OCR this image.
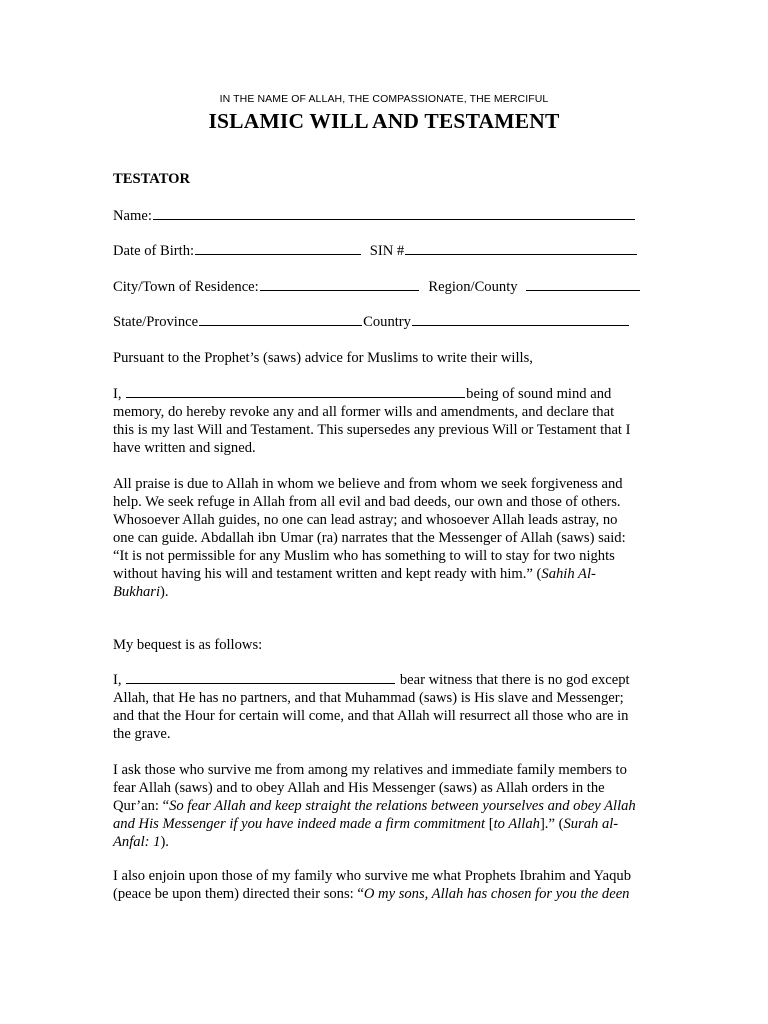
IN THE NAME OF ALLAH, THE COMPASSIONATE, THE MERCIFUL
ISLAMIC WILL AND TESTAMENT
TESTATOR
Name:
Date of Birth:	SIN #
City/Town of Residence:	Region/County
State/Province	Country
Pursuant to the Prophet’s (saws) advice for Muslims to write their wills,
I,	being of sound mind and
memory, do hereby revoke any and all former wills and amendments, and declare that
this is my last Will and Testament. This supersedes any previous Will or Testament that I
have written and signed.
All praise is due to Allah in whom we believe and from whom we seek forgiveness and
help. We seek refuge in Allah from all evil and bad deeds, our own and those of others.
Whosoever Allah guides, no one can lead astray; and whosoever Allah leads astray, no
one can guide. Abdallah ibn Umar (ra) narrates that the Messenger of Allah (saws) said:
“It is not permissible for any Muslim who has something to will to stay for two nights
without having his will and testament written and kept ready with him.” (Sahih Al-
Bukhari).
My bequest is as follows:
I,	bear witness that there is no god except
Allah, that He has no partners, and that Muhammad (saws) is His slave and Messenger;
and that the Hour for certain will come, and that Allah will resurrect all those who are in
the grave.
I ask those who survive me from among my relatives and immediate family members to
fear Allah (saws) and to obey Allah and His Messenger (saws) as Allah orders in the
Qur’an: “So fear Allah and keep straight the relations between yourselves and obey Allah
and His Messenger if you have indeed made a firm commitment [to Allah].” (Surah al-
Anfal: 1).
I also enjoin upon those of my family who survive me what Prophets Ibrahim and Yaqub
(peace be upon them) directed their sons: “O my sons, Allah has chosen for you the deen
